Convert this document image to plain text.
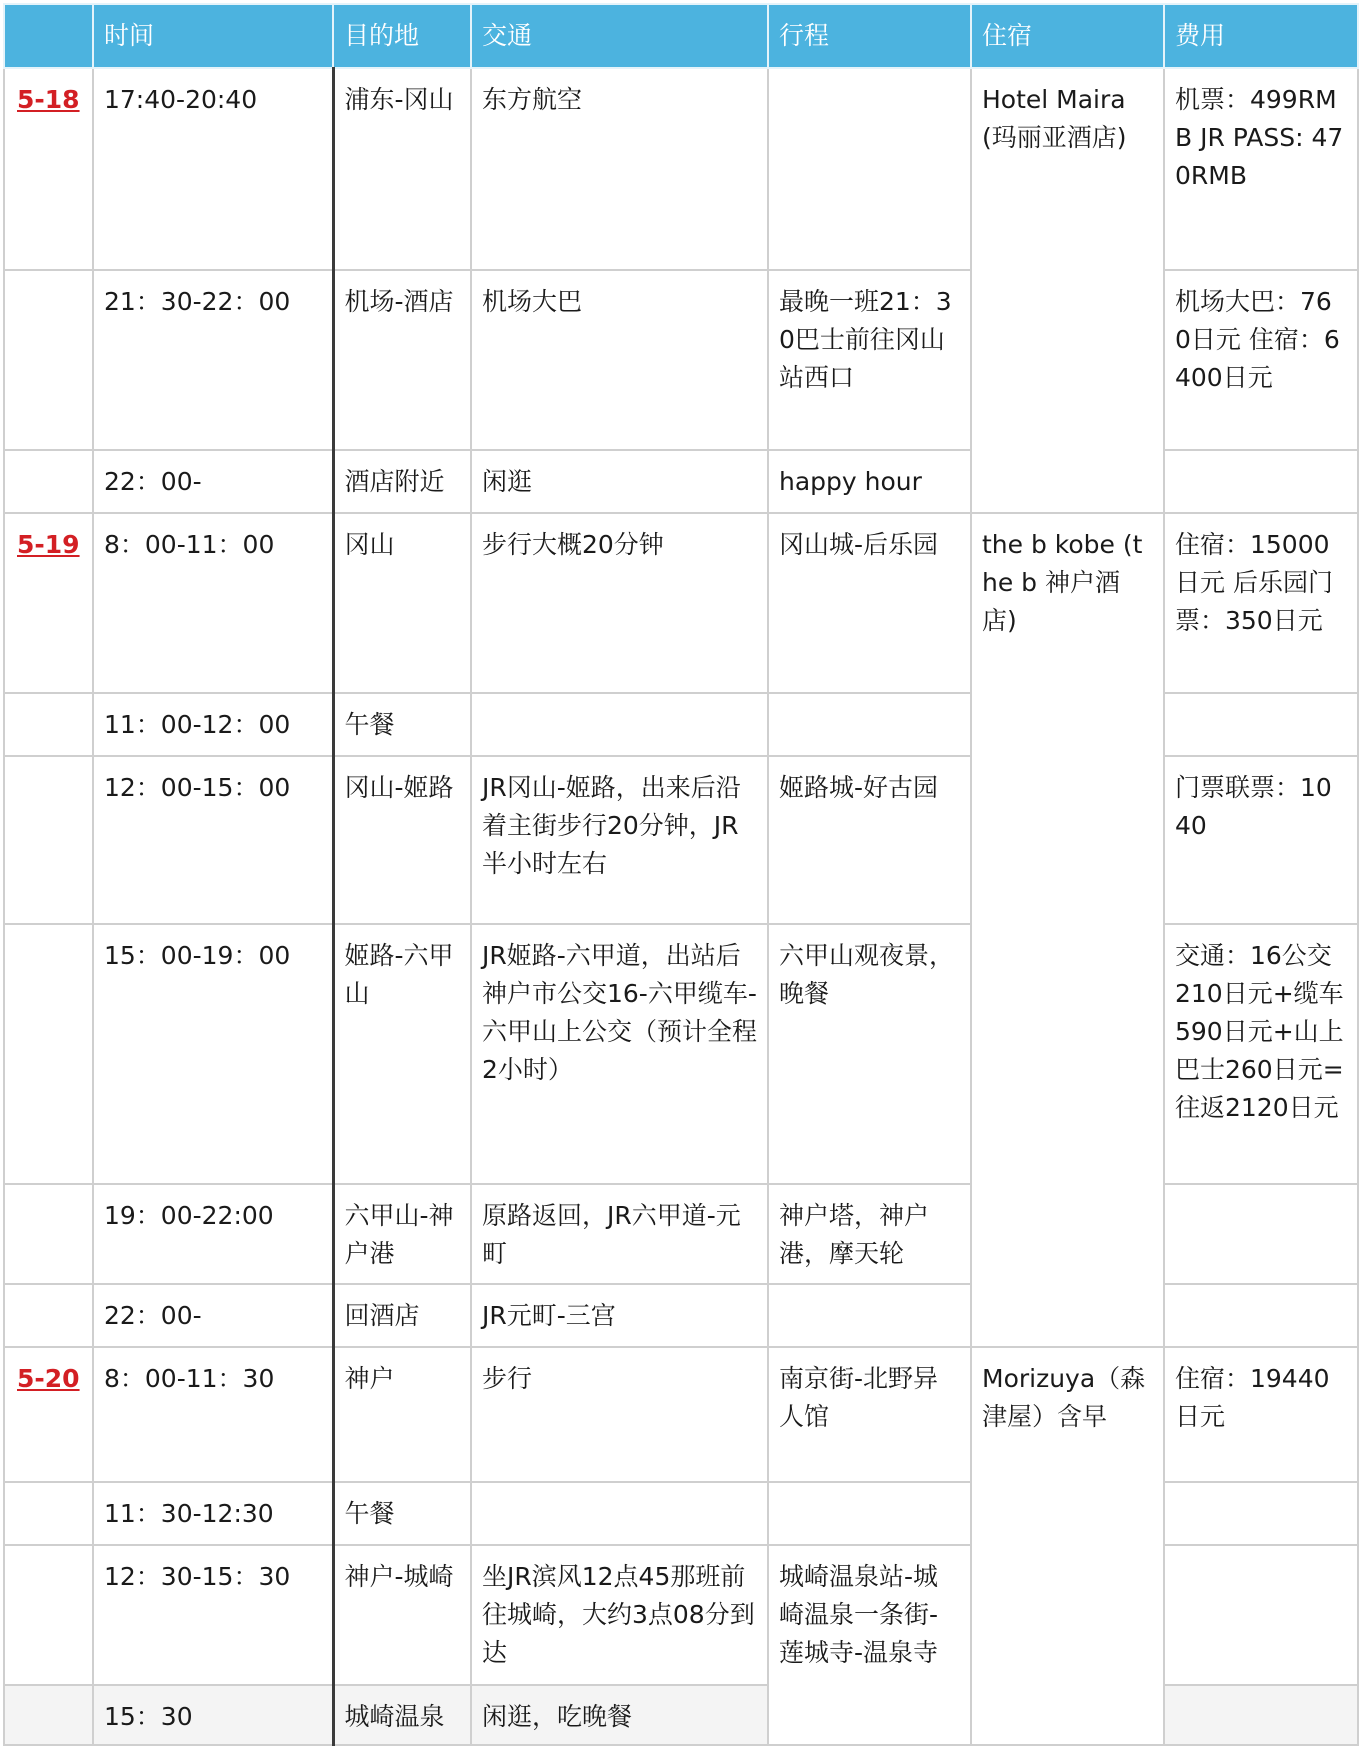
	时间	目的地	交通	行程	住宿	费用
5-18	17:40-20:40	浦东-冈山	东方航空		Hotel Maira (玛丽亚酒店)	机票：499RMB JR PASS: 470RMB
	21：30-22：00	机场-酒店	机场大巴	最晚一班21：30巴士前往冈山站西口		机场大巴：760日元 住宿：6400日元
	22：00-	酒店附近	闲逛	happy hour		
5-19	8：00-11：00	冈山	步行大概20分钟	冈山城-后乐园	the b kobe (the b 神户酒店)	住宿：15000日元 后乐园门票：350日元
	11：00-12：00	午餐				
	12：00-15：00	冈山-姬路	JR冈山-姬路，出来后沿着主街步行20分钟，JR半小时左右	姬路城-好古园		门票联票：1040
	15：00-19：00	姬路-六甲山	JR姬路-六甲道，出站后神户市公交16-六甲缆车-六甲山上公交（预计全程2小时）	六甲山观夜景，晚餐		交通：16公交210日元+缆车590日元+山上巴士260日元=往返2120日元
	19：00-22:00	六甲山-神户港	原路返回，JR六甲道-元町	神户塔，神户港，摩天轮		
	22：00-	回酒店	JR元町-三宫			
5-20	8：00-11：30	神户	步行	南京街-北野异人馆	Morizuya（森津屋）含早	住宿：19440日元
	11：30-12:30	午餐				
	12：30-15：30	神户-城崎	坐JR滨风12点45那班前往城崎，大约3点08分到达	城崎温泉站-城崎温泉一条街-莲城寺-温泉寺		
	15：30	城崎温泉	闲逛，吃晚餐			
